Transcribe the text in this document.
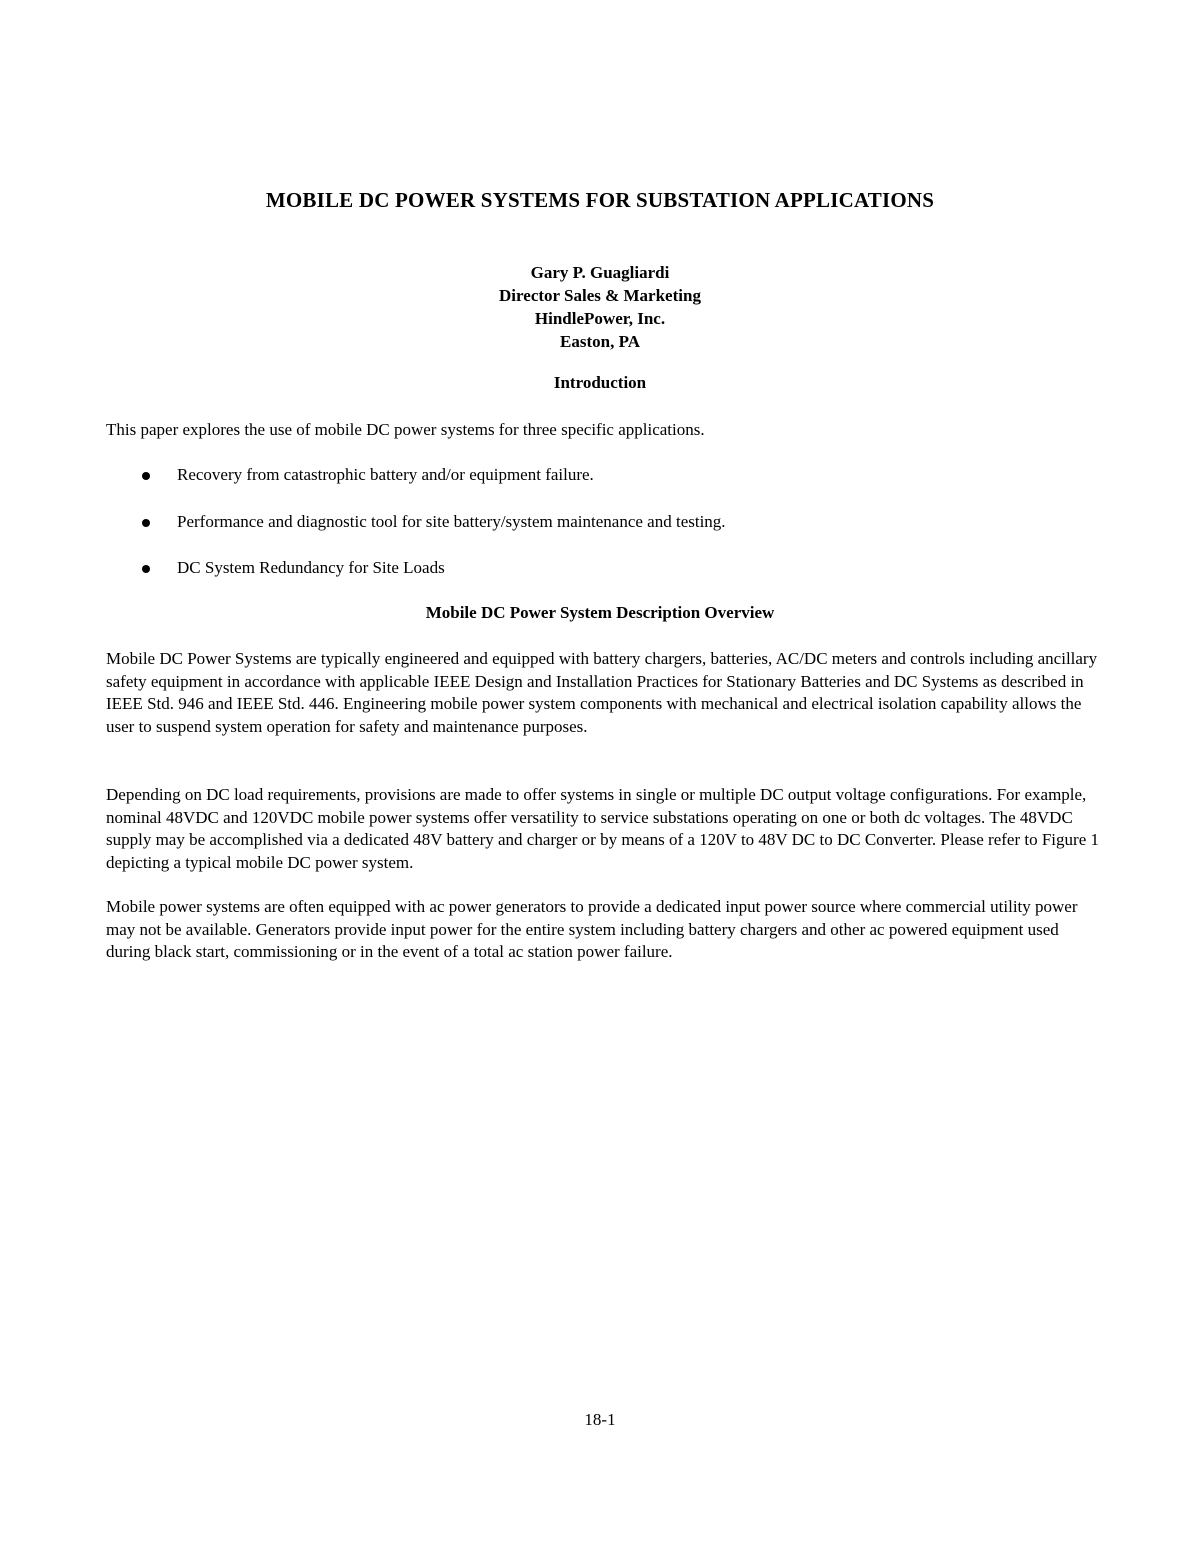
MOBILE DC POWER SYSTEMS FOR SUBSTATION APPLICATIONS
Gary P. Guagliardi
Director Sales & Marketing
HindlePower, Inc.
Easton, PA
Introduction

This paper explores the use of mobile DC power systems for three specific applications.

Recovery from catastrophic battery and/or equipment failure.
Performance and diagnostic tool for site battery/system maintenance and testing.
DC System Redundancy for Site Loads
Mobile DC Power System Description Overview

Mobile DC Power Systems are typically engineered and equipped with battery chargers, batteries, AC/DC meters and controls including ancillary safety equipment in accordance with applicable IEEE Design and Installation Practices for Stationary Batteries and DC Systems as described in IEEE Std. 946 and IEEE Std. 446. Engineering mobile power system components with mechanical and electrical isolation capability allows the user to suspend system operation for safety and maintenance purposes.

Depending on DC load requirements, provisions are made to offer systems in single or multiple DC output voltage configurations. For example, nominal 48VDC and 120VDC mobile power systems offer versatility to service substations operating on one or both dc voltages. The 48VDC supply may be accomplished via a dedicated 48V battery and charger or by means of a 120V to 48V DC to DC Converter. Please refer to Figure 1 depicting a typical mobile DC power system.

Mobile power systems are often equipped with ac power generators to provide a dedicated input power source where commercial utility power may not be available. Generators provide input power for the entire system including battery chargers and other ac powered equipment used during black start, commissioning or in the event of a total ac station power failure.

18-1
